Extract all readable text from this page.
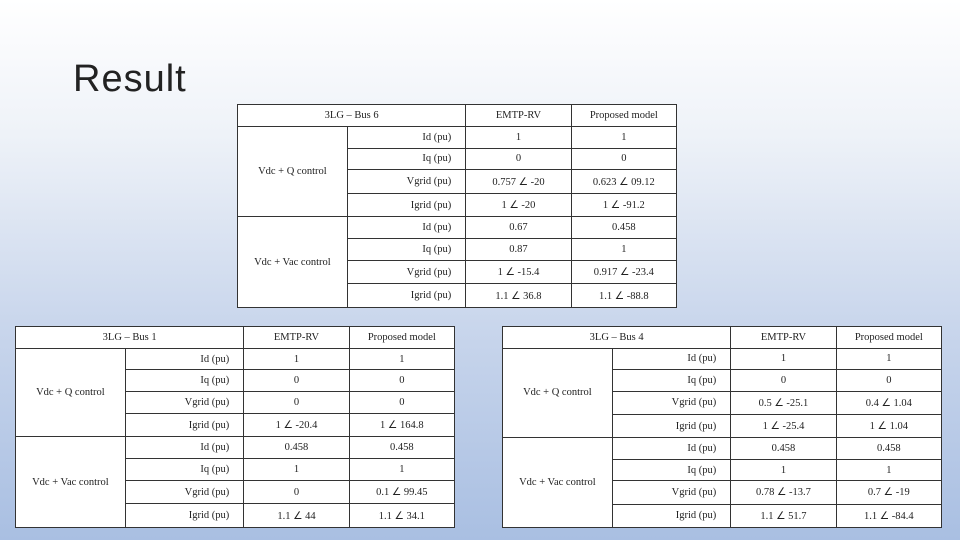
Result
3LG – Bus 6		EMTP-RV	Proposed model
Vdc + Q control	Id (pu)	1	1
	Iq (pu)	0	0
	Vgrid (pu)	0.757 ∠ -20	0.623 ∠ 09.12
	Igrid (pu)	1 ∠ -20	1 ∠ -91.2
Vdc + Vac control	Id (pu)	0.67	0.458
	Iq (pu)	0.87	1
	Vgrid (pu)	1 ∠ -15.4	0.917 ∠ -23.4
	Igrid (pu)	1.1 ∠ 36.8	1.1 ∠ -88.8
3LG – Bus 1		EMTP-RV	Proposed model
Vdc + Q control	Id (pu)	1	1
	Iq (pu)	0	0
	Vgrid (pu)	0	0
	Igrid (pu)	1 ∠ -20.4	1 ∠ 164.8
Vdc + Vac control	Id (pu)	0.458	0.458
	Iq (pu)	1	1
	Vgrid (pu)	0	0.1 ∠ 99.45
	Igrid (pu)	1.1 ∠ 44	1.1 ∠ 34.1
3LG – Bus 4		EMTP-RV	Proposed model
Vdc + Q control	Id (pu)	1	1
	Iq (pu)	0	0
	Vgrid (pu)	0.5 ∠ -25.1	0.4 ∠ 1.04
	Igrid (pu)	1 ∠ -25.4	1 ∠ 1.04
Vdc + Vac control	Id (pu)	0.458	0.458
	Iq (pu)	1	1
	Vgrid (pu)	0.78 ∠ -13.7	0.7 ∠ -19
	Igrid (pu)	1.1 ∠ 51.7	1.1 ∠ -84.4
